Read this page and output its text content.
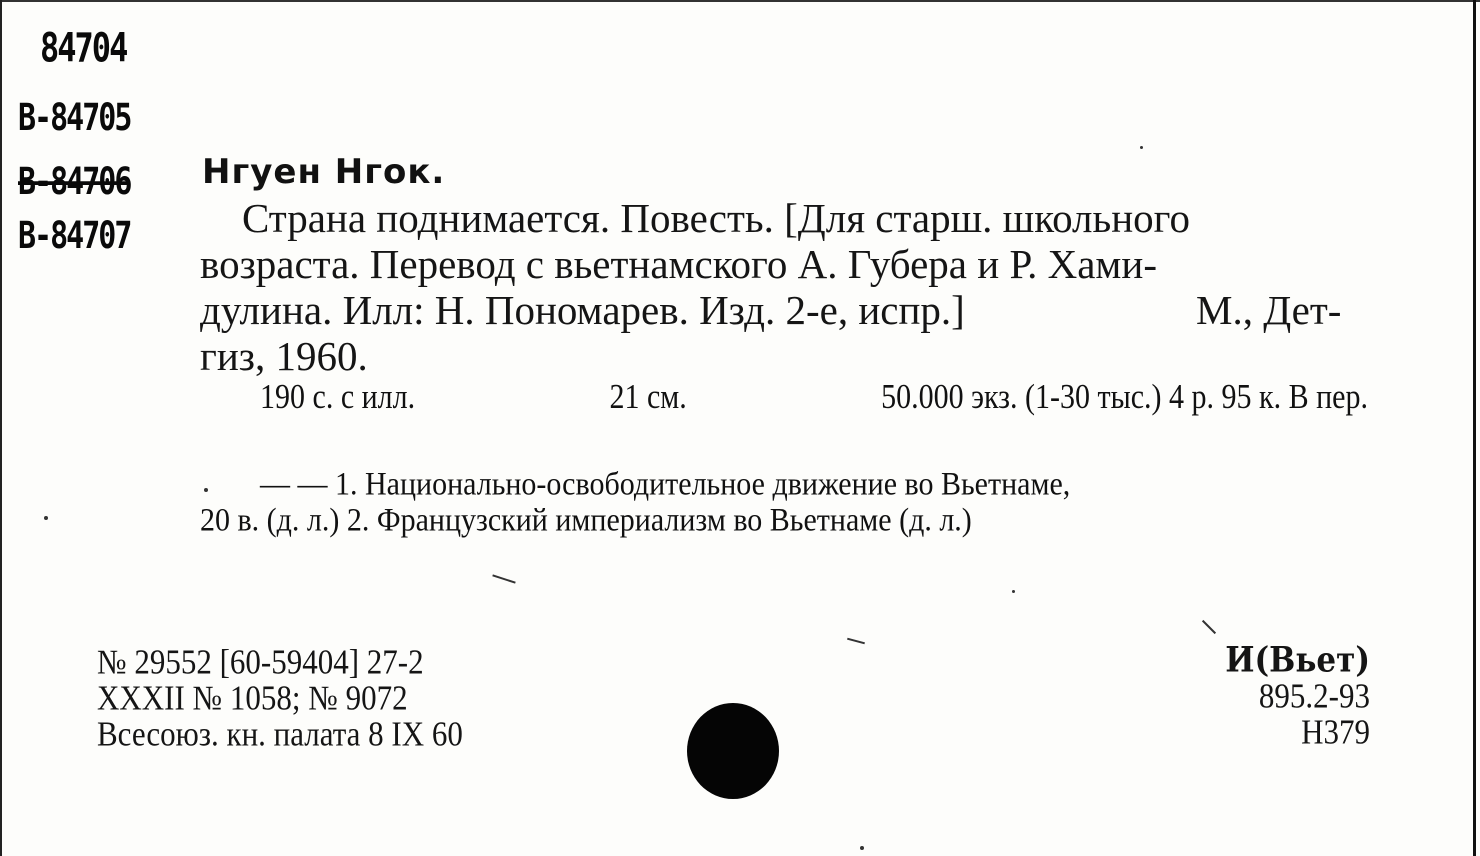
84704
B-84705
B-84706
B-84707
Нгуен Нгок.
Страна поднимается. Повесть. [Для старш. школьного
возраста. Перевод с вьетнамского А. Губера и Р. Хами-
дулина. Илл: Н. Пономарев. Изд. 2-е, испр.]	М., Дет-
гиз, 1960.
190 с. с илл.	21 см.	50.000 экз. (1-30 тыс.) 4 р. 95 к. В пер.
— — 1. Национально-освободительное движение во Вьетнаме,
20 в. (д. л.) 2. Французский империализм во Вьетнаме (д. л.)
№ 29552 [60-59404] 27-2
XXXII № 1058; № 9072
Всесоюз. кн. палата 8 IX 60
И(Вьет)
895.2-93
Н379
